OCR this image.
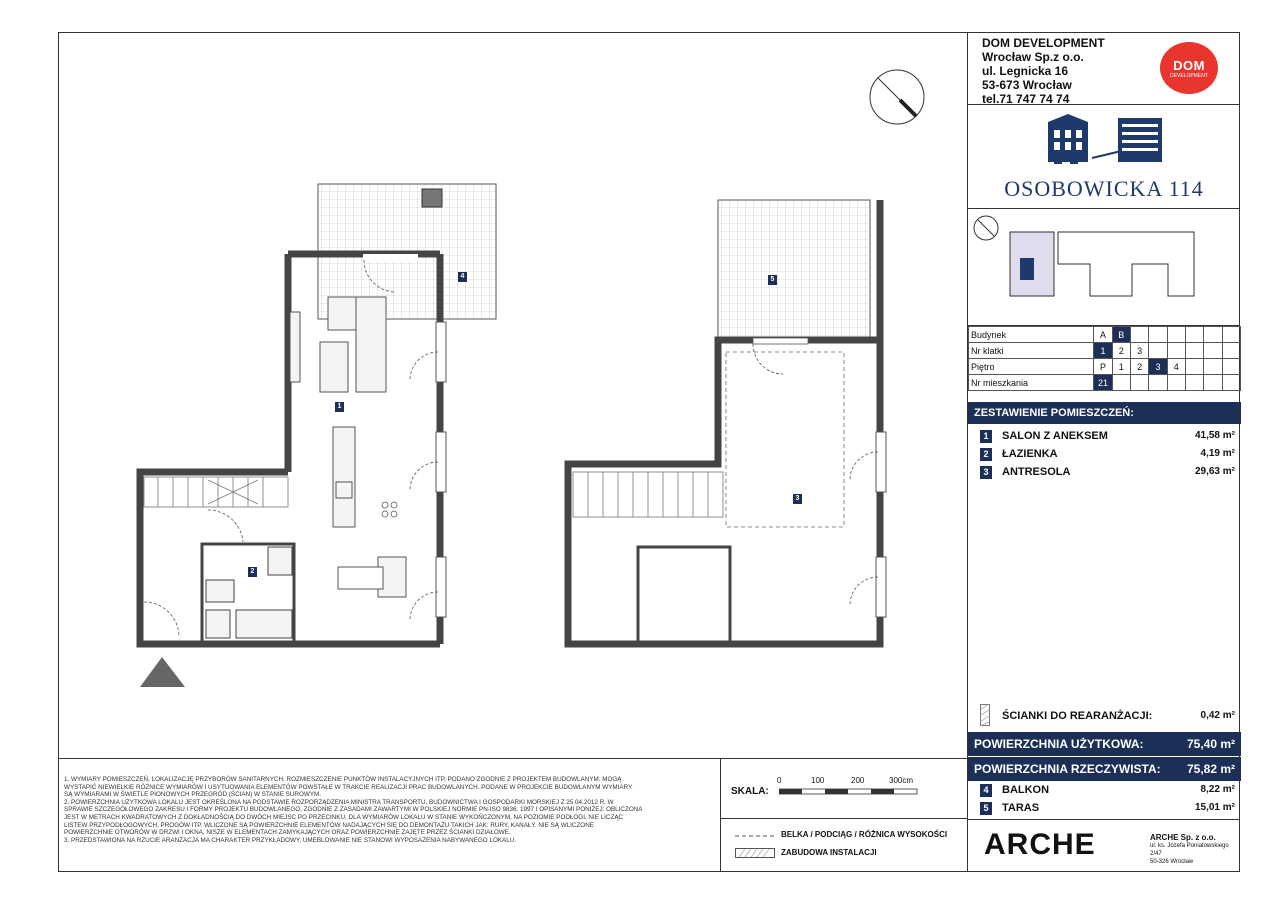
1
2
3
4	5
DOM DEVELOPMENT
Wrocław Sp.z o.o.
ul. Legnicka 16
53-673 Wrocław
tel.71 747 74 74
DOM
DEVELOPMENT
OSOBOWICKA 114
Budynek	A	B						
Nr klatki	1	2	3					
Piętro	P	1	2	3	4			
Nr mieszkania	21							
ZESTAWIENIE POMIESZCZEŃ:
1	SALON Z ANEKSEM	41,58 m²
2	ŁAZIENKA	4,19 m²
3	ANTRESOLA	29,63 m²
ŚCIANKI DO REARANŻACJI:	0,42 m²
POWIERZCHNIA UŻYTKOWA:	75,40 m²
POWIERZCHNIA RZECZYWISTA: 75,82 m²
4	BALKON	8,22 m²
5	TARAS	15,01 m²
ARCHE	ARCHE Sp. z o.o.
ul. ks. Józefa Poniatowskiego 2/47
50-326 Wrocław
1. WYMIARY POMIESZCZEŃ, LOKALIZACJĘ PRZYBORÓW SANITARNYCH, ROZMIESZCZENIE PUNKTÓW INSTALACYJNYCH ITP. PODANO ZGODNIE Z PROJEKTEM BUDOWLANYM. MOGĄ
WYSTAPIĆ NIEWIELKIE RÓŻNICE WYMIARÓW I USYTUOWANIA ELEMENTÓW POWSTAŁE W TRAKCIE REALIZACJI PRAC BUDOWLANYCH. PODANE W PROJEKCIE BUDOWLANYM WYMIARY
SĄ WYMIARAMI W ŚWIETLE PIONOWYCH PRZEGRÓD (ŚCIAN) W STANIE SUROWYM.
2. POWIERZCHNIA UŻYTKOWA LOKALU JEST OKREŚLONA NA PODSTAWIE ROZPORZĄDZENIA MINISTRA TRANSPORTU, BUDOWNICTWA I GOSPODARKI MORSKIEJ Z 25.04.2012 R. W
SPRAWIE SZCZEGÓŁOWEGO ZAKRESU I FORMY PROJEKTU BUDOWLANEGO, ZGODNIE Z ZASADAMI ZAWARTYMI W POLSKIEJ NORMIE PN-ISO 9836: 1997 I OPISANYMI PONIŻEJ: OBLICZONA
JEST W METRACH KWADRATOWYCH Z DOKŁADNOŚCIĄ DO DWÓCH MIEJSC PO PRZECINKU, DLA WYMIARÓW LOKALU W STANIE WYKOŃCZONYM, NA POZIOMIE PODŁOGI, NIE LICZĄC
LISTEW PRZYPODŁOGOWYCH, PROGÓW ITP. WLICZONE SĄ POWIERZCHNIE ELEMENTÓW NADAJĄCYCH SIĘ DO DEMONTAŻU TAKICH JAK: RURY, KANAŁY. NIE SĄ WLICZONE
POWIERZCHNIE OTWORÓW W DRZWI I OKNA, NISZE W ELEMENTACH ZAMYKAJĄCYCH ORAZ POWIERZCHNIE ZAJĘTE PRZEZ ŚCIANKI DZIAŁOWE.
3. PRZEDSTAWIONA NA RZUCIE ARANŻACJA MA CHARAKTER PRZYKŁADOWY, UMEBLOWANIE NIE STANOWI WYPOSAŻENIA NABYWANEGO LOKALU.
SKALA:
0	100	200	300cm
BELKA / PODCIĄG / RÓŻNICA WYSOKOŚCI
ZABUDOWA INSTALACJI
